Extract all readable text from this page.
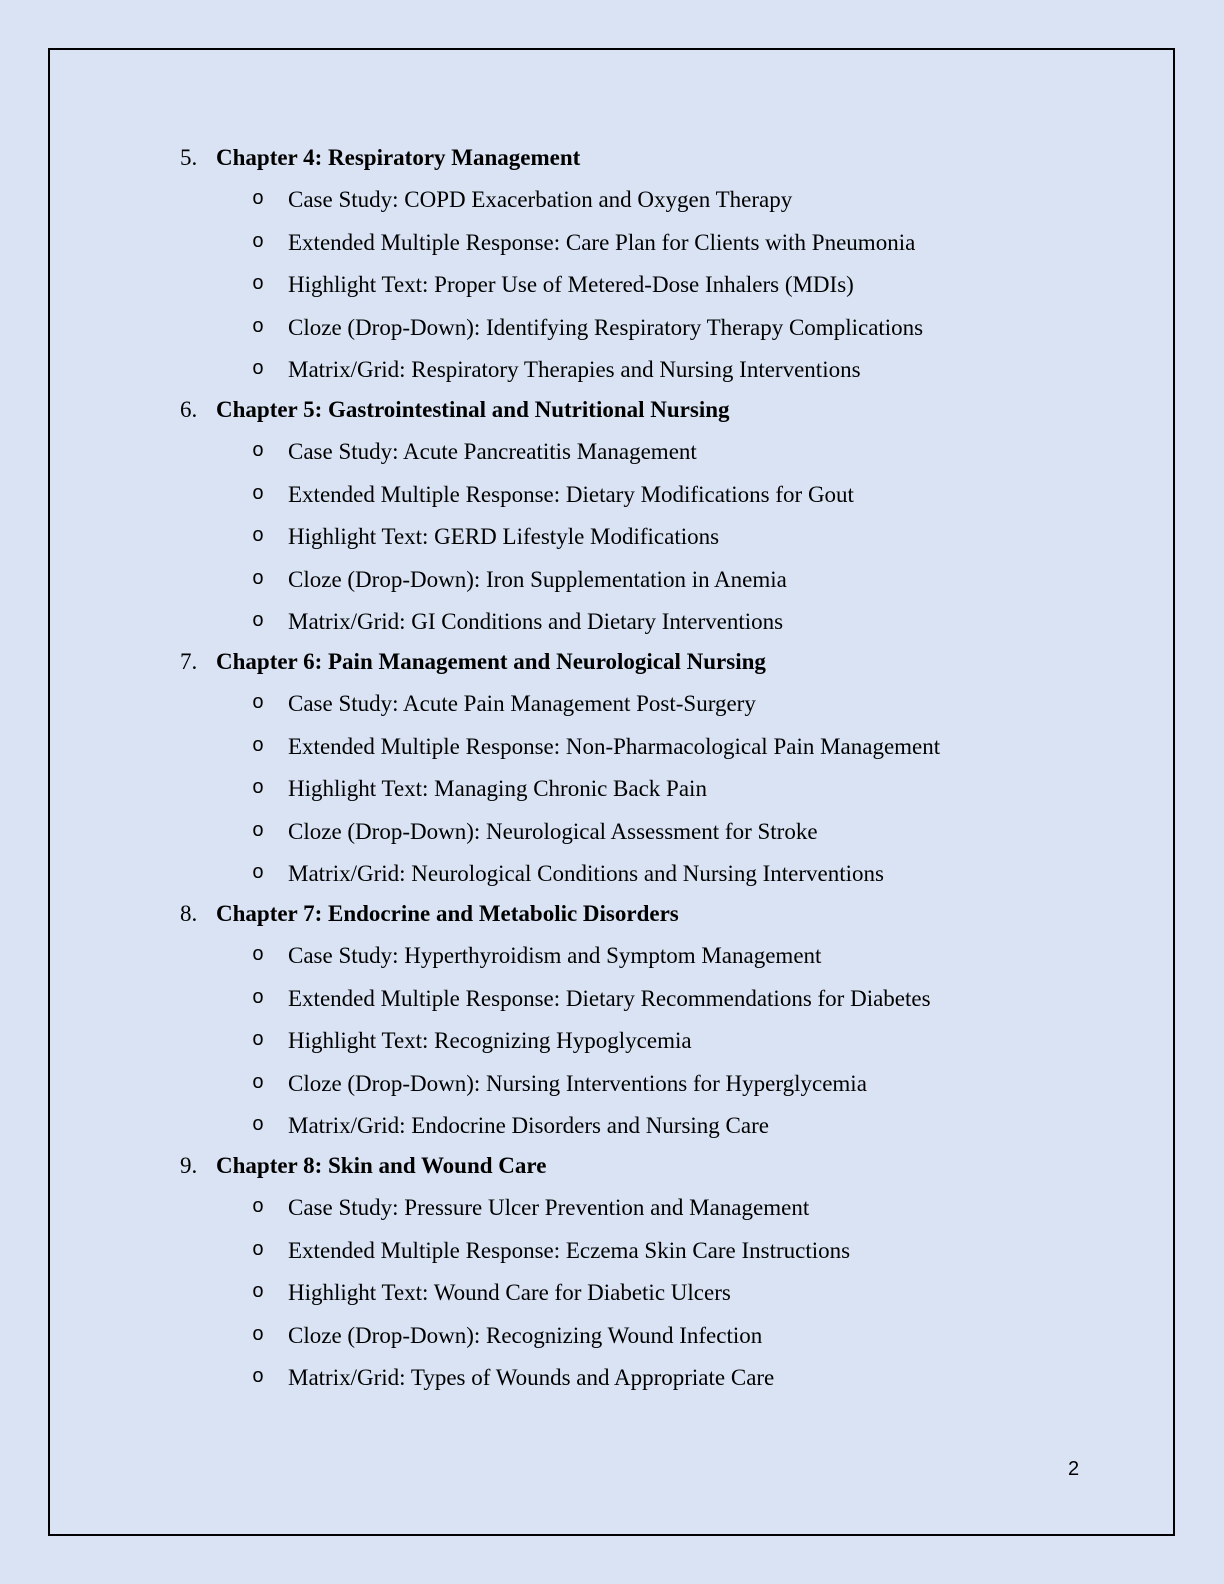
5. Chapter 4: Respiratory Management
o Case Study: COPD Exacerbation and Oxygen Therapy
o Extended Multiple Response: Care Plan for Clients with Pneumonia
o Highlight Text: Proper Use of Metered-Dose Inhalers (MDIs)
o Cloze (Drop-Down): Identifying Respiratory Therapy Complications
o Matrix/Grid: Respiratory Therapies and Nursing Interventions
6. Chapter 5: Gastrointestinal and Nutritional Nursing
o Case Study: Acute Pancreatitis Management
o Extended Multiple Response: Dietary Modifications for Gout
o Highlight Text: GERD Lifestyle Modifications
o Cloze (Drop-Down): Iron Supplementation in Anemia
o Matrix/Grid: GI Conditions and Dietary Interventions
7. Chapter 6: Pain Management and Neurological Nursing
o Case Study: Acute Pain Management Post-Surgery
o Extended Multiple Response: Non-Pharmacological Pain Management
o Highlight Text: Managing Chronic Back Pain
o Cloze (Drop-Down): Neurological Assessment for Stroke
o Matrix/Grid: Neurological Conditions and Nursing Interventions
8. Chapter 7: Endocrine and Metabolic Disorders
o Case Study: Hyperthyroidism and Symptom Management
o Extended Multiple Response: Dietary Recommendations for Diabetes
o Highlight Text: Recognizing Hypoglycemia
o Cloze (Drop-Down): Nursing Interventions for Hyperglycemia
o Matrix/Grid: Endocrine Disorders and Nursing Care
9. Chapter 8: Skin and Wound Care
o Case Study: Pressure Ulcer Prevention and Management
o Extended Multiple Response: Eczema Skin Care Instructions
o Highlight Text: Wound Care for Diabetic Ulcers
o Cloze (Drop-Down): Recognizing Wound Infection
o Matrix/Grid: Types of Wounds and Appropriate Care
2
